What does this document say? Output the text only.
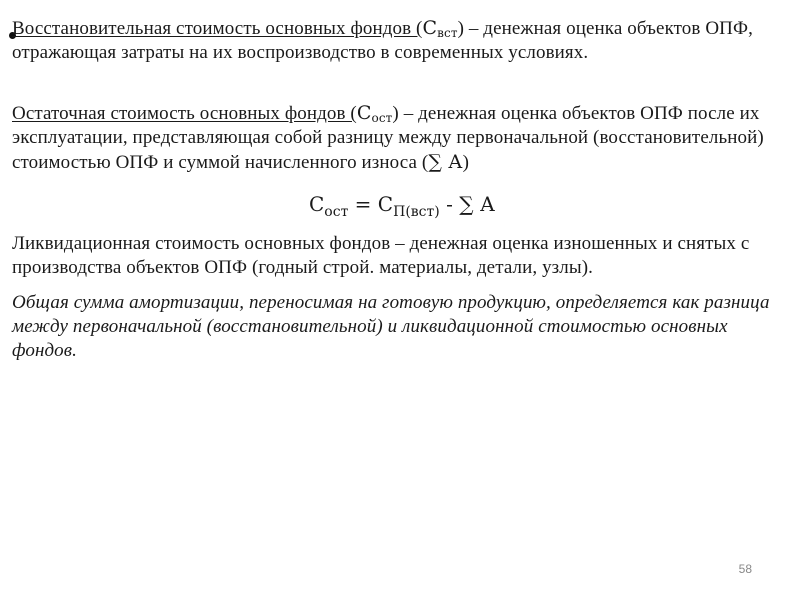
Восстановительная стоимость основных фондов $(С_{вст})$ – денежная оценка объектов ОПФ, отражающая затраты на их воспроизводство в современных условиях.
Остаточная стоимость основных фондов $(С_{ост})$ – денежная оценка объектов ОПФ после их эксплуатации, представляющая собой разницу между первоначальной (восстановительной) стоимостью ОПФ и суммой начисленного износа (∑ А)
$С_{ост} = С_{П(вст)}$ - ∑ А
Ликвидационная стоимость основных фондов – денежная оценка изношенных и снятых с производства объектов ОПФ (годный строй. материалы, детали, узлы).
Общая сумма амортизации, переносимая на готовую продукцию, определяется как разница между первоначальной (восстановительной) и ликвидационной стоимостью основных фондов.
58
